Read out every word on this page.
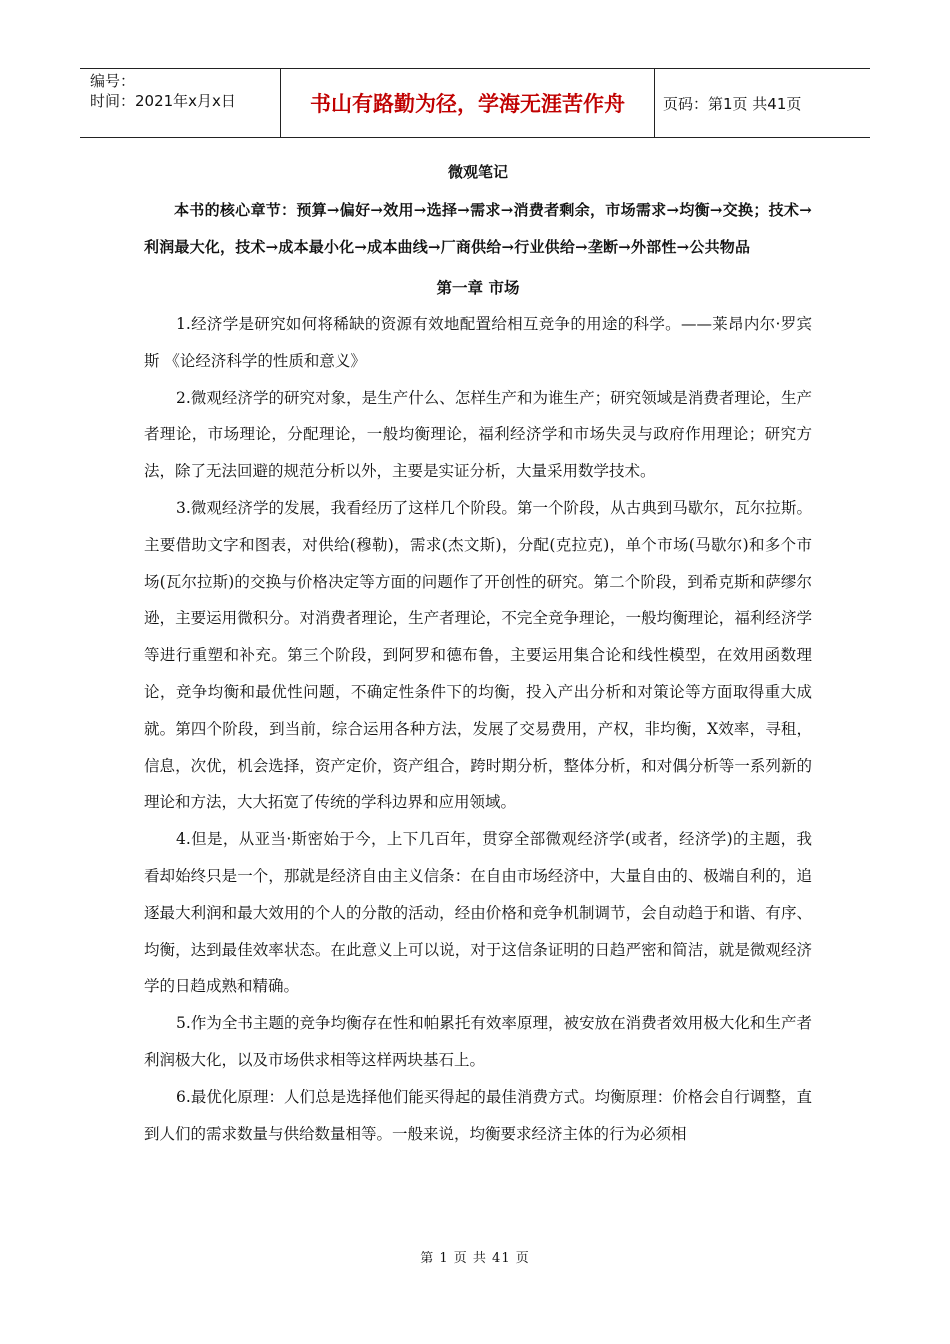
编号：
时间：2021年x月x日	书山有路勤为径，学海无涯苦作舟	页码：第1页 共41页

微观笔记

本书的核心章节：预算→偏好→效用→选择→需求→消费者剩余，市场需求→均衡→交换；技术→利润最大化，技术→成本最小化→成本曲线→厂商供给→行业供给→垄断→外部性→公共物品

第一章 市场

1.经济学是研究如何将稀缺的资源有效地配置给相互竞争的用途的科学。——莱昂内尔·罗宾斯 《论经济科学的性质和意义》

2.微观经济学的研究对象，是生产什么、怎样生产和为谁生产；研究领域是消费者理论，生产者理论，市场理论，分配理论，一般均衡理论，福利经济学和市场失灵与政府作用理论；研究方法，除了无法回避的规范分析以外，主要是实证分析，大量采用数学技术。

3.微观经济学的发展，我看经历了这样几个阶段。第一个阶段，从古典到马歇尔，瓦尔拉斯。主要借助文字和图表，对供给(穆勒)，需求(杰文斯)，分配(克拉克)，单个市场(马歇尔)和多个市场(瓦尔拉斯)的交换与价格决定等方面的问题作了开创性的研究。第二个阶段，到希克斯和萨缪尔逊，主要运用微积分。对消费者理论，生产者理论，不完全竞争理论，一般均衡理论，福利经济学等进行重塑和补充。第三个阶段，到阿罗和德布鲁，主要运用集合论和线性模型，在效用函数理论，竞争均衡和最优性问题，不确定性条件下的均衡，投入产出分析和对策论等方面取得重大成就。第四个阶段，到当前，综合运用各种方法，发展了交易费用，产权，非均衡，X效率，寻租，信息，次优，机会选择，资产定价，资产组合，跨时期分析，整体分析，和对偶分析等一系列新的理论和方法，大大拓宽了传统的学科边界和应用领域。

4.但是，从亚当·斯密始于今，上下几百年，贯穿全部微观经济学(或者，经济学)的主题，我看却始终只是一个，那就是经济自由主义信条：在自由市场经济中，大量自由的、极端自利的，追逐最大利润和最大效用的个人的分散的活动，经由价格和竞争机制调节，会自动趋于和谐、有序、均衡，达到最佳效率状态。在此意义上可以说，对于这信条证明的日趋严密和简洁，就是微观经济学的日趋成熟和精确。

5.作为全书主题的竞争均衡存在性和帕累托有效率原理，被安放在消费者效用极大化和生产者利润极大化，以及市场供求相等这样两块基石上。

6.最优化原理：人们总是选择他们能买得起的最佳消费方式。均衡原理：价格会自行调整，直到人们的需求数量与供给数量相等。一般来说，均衡要求经济主体的行为必须相

第 1 页 共 41 页
